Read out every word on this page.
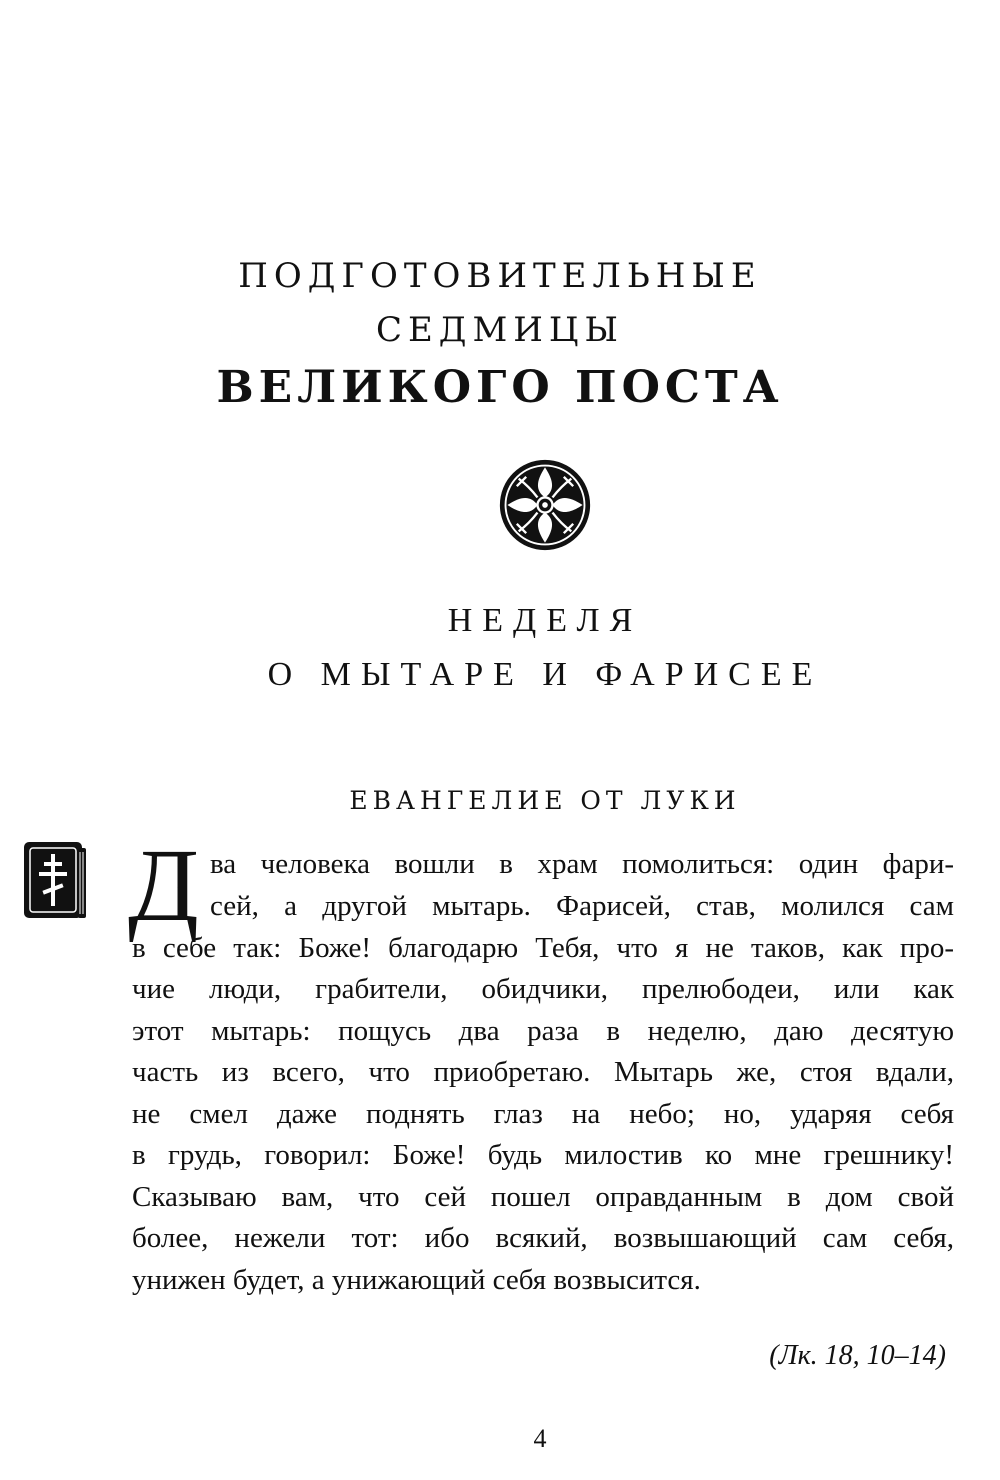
ПОДГОТОВИТЕЛЬНЫЕ
СЕДМИЦЫ
ВЕЛИКОГО ПОСТА
НЕДЕЛЯ
О МЫТАРЕ И ФАРИСЕЕ
ЕВАНГЕЛИЕ ОТ ЛУКИ
Д ва человека вошли в храм помолиться: один фари-
сей, а другой мытарь. Фарисей, став, молился сам
в себе так: Боже! благодарю Тебя, что я не таков, как про-
чие люди, грабители, обидчики, прелюбодеи, или как
этот мытарь: пощусь два раза в неделю, даю десятую
часть из всего, что приобретаю. Мытарь же, стоя вдали,
не смел даже поднять глаз на небо; но, ударяя себя
в грудь, говорил: Боже! будь милостив ко мне грешнику!
Сказываю вам, что сей пошел оправданным в дом свой
более, нежели тот: ибо всякий, возвышающий сам себя,
унижен будет, а унижающий себя возвысится.
(Лк. 18, 10–14)
4
